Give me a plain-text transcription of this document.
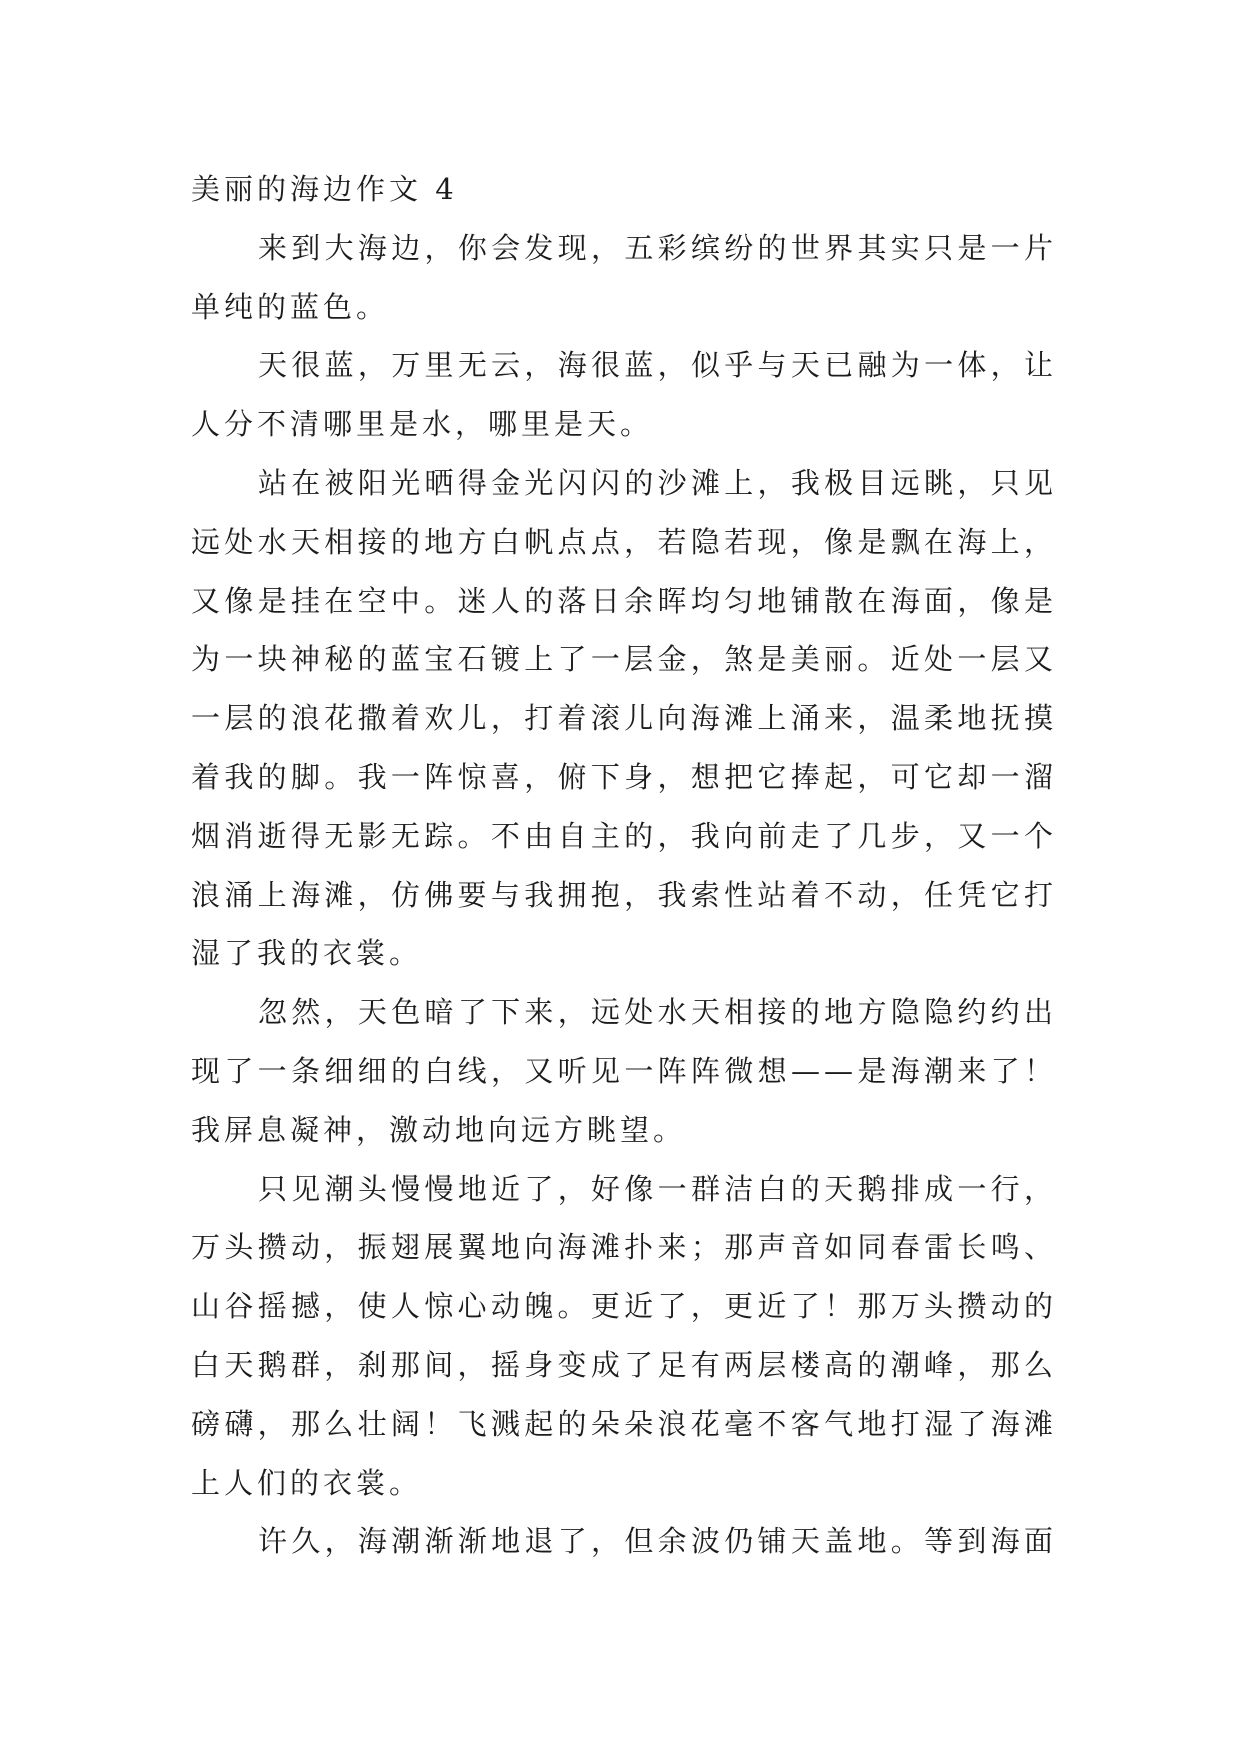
美丽的海边作文 4
来到大海边，你会发现，五彩缤纷的世界其实只是一片
单纯的蓝色。
天很蓝，万里无云，海很蓝，似乎与天已融为一体，让
人分不清哪里是水，哪里是天。
站在被阳光晒得金光闪闪的沙滩上，我极目远眺，只见
远处水天相接的地方白帆点点，若隐若现，像是飘在海上，
又像是挂在空中。迷人的落日余晖均匀地铺散在海面，像是
为一块神秘的蓝宝石镀上了一层金，煞是美丽。近处一层又
一层的浪花撒着欢儿，打着滚儿向海滩上涌来，温柔地抚摸
着我的脚。我一阵惊喜，俯下身，想把它捧起，可它却一溜
烟消逝得无影无踪。不由自主的，我向前走了几步，又一个
浪涌上海滩，仿佛要与我拥抱，我索性站着不动，任凭它打
湿了我的衣裳。
忽然，天色暗了下来，远处水天相接的地方隐隐约约出
现了一条细细的白线，又听见一阵阵微想——是海潮来了！
我屏息凝神，激动地向远方眺望。
只见潮头慢慢地近了，好像一群洁白的天鹅排成一行，
万头攒动，振翅展翼地向海滩扑来；那声音如同春雷长鸣、
山谷摇撼，使人惊心动魄。更近了，更近了！那万头攒动的
白天鹅群，刹那间，摇身变成了足有两层楼高的潮峰，那么
磅礴，那么壮阔！飞溅起的朵朵浪花毫不客气地打湿了海滩
上人们的衣裳。
许久，海潮渐渐地退了，但余波仍铺天盖地。等到海面
